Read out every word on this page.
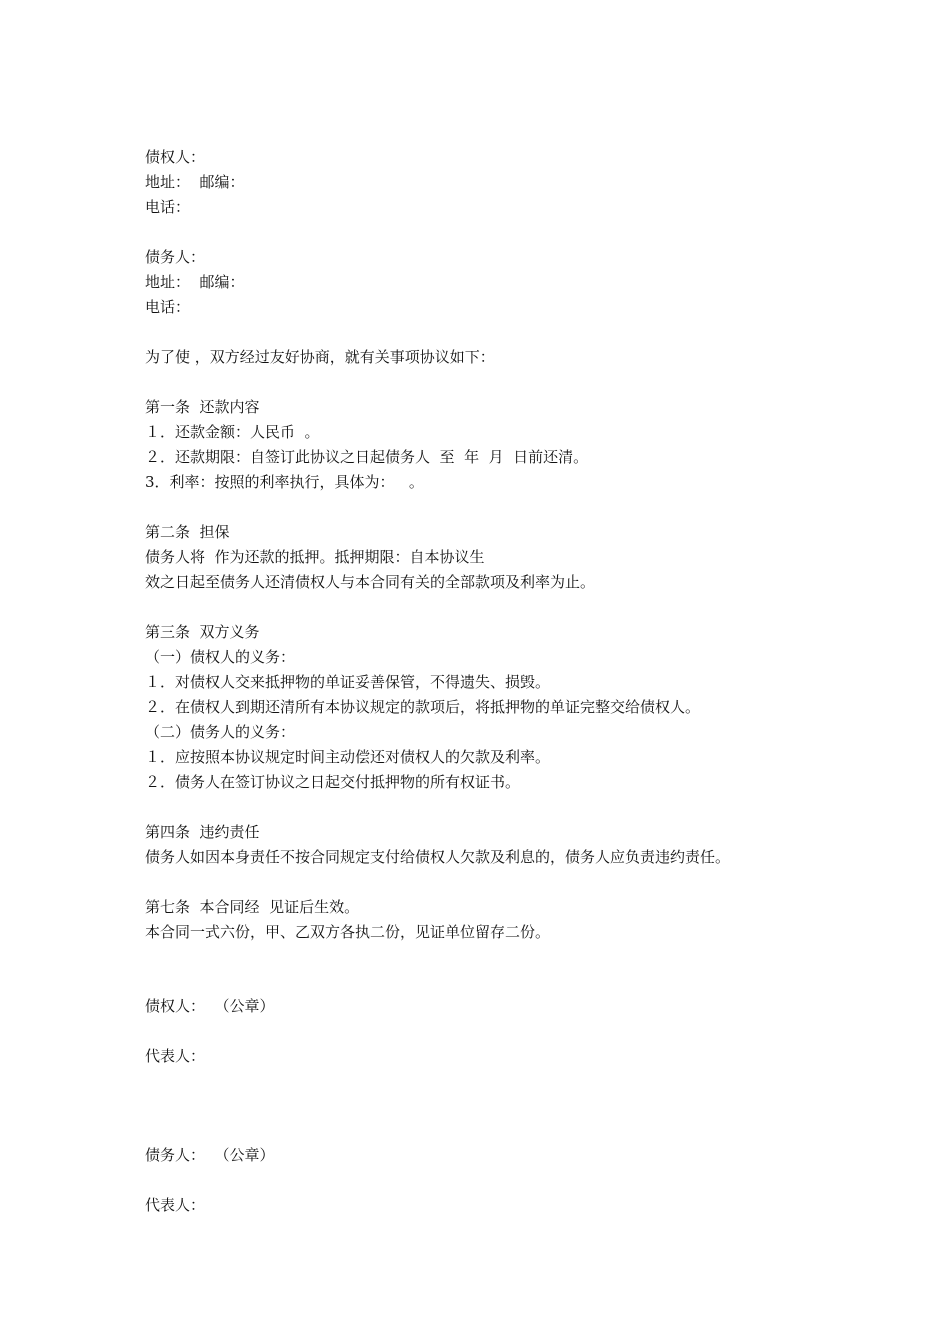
债权人：
地址：  邮编：
电话：
债务人：
地址：  邮编：
电话：
为了使 ，双方经过友好协商，就有关事项协议如下：
第一条  还款内容
１．还款金额：人民币  。
２．还款期限：自签订此协议之日起债务人  至  年  月  日前还清。
3．利率：按照的利率执行，具体为：   。
第二条  担保
债务人将  作为还款的抵押。抵押期限：自本协议生
效之日起至债务人还清债权人与本合同有关的全部款项及利率为止。
第三条  双方义务
（一）债权人的义务：
１．对债权人交来抵押物的单证妥善保管，不得遗失、损毁。
２．在债权人到期还清所有本协议规定的款项后，将抵押物的单证完整交给债权人。
（二）债务人的义务：
１．应按照本协议规定时间主动偿还对债权人的欠款及利率。
２．债务人在签订协议之日起交付抵押物的所有权证书。
第四条  违约责任
债务人如因本身责任不按合同规定支付给债权人欠款及利息的，债务人应负责违约责任。
第七条  本合同经  见证后生效。
本合同一式六份，甲、乙双方各执二份，见证单位留存二份。
债权人：  （公章）
代表人：
债务人：  （公章）
代表人：
